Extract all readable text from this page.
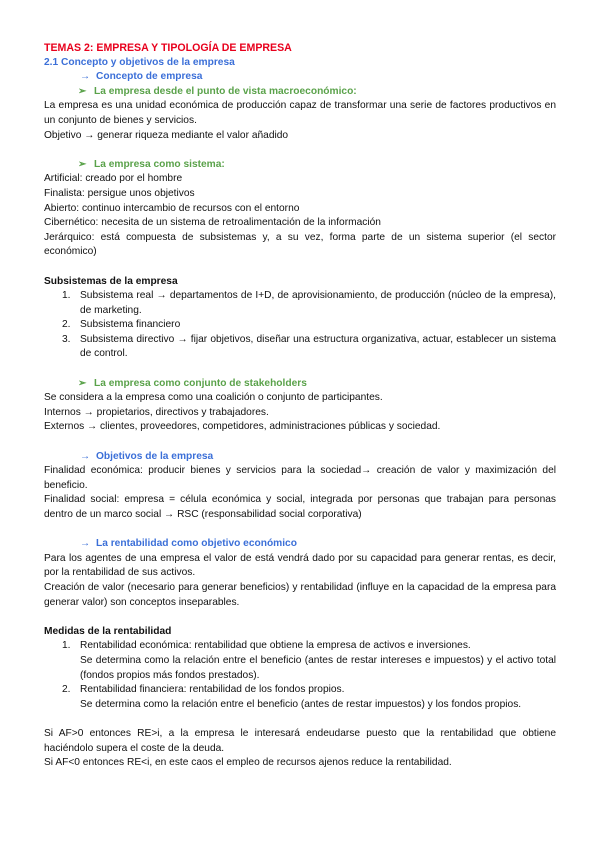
TEMAS 2: EMPRESA Y TIPOLOGÍA DE EMPRESA

2.1 Concepto y objetivos de la empresa

→ Concepto de empresa

➢ La empresa desde el punto de vista macroeconómico:

La empresa es una unidad económica de producción capaz de transformar una serie de factores productivos en un conjunto de bienes y servicios.

Objetivo → generar riqueza mediante el valor añadido

➢ La empresa como sistema:

Artificial: creado por el hombre

Finalista: persigue unos objetivos

Abierto: continuo intercambio de recursos con el entorno

Cibernético: necesita de un sistema de retroalimentación de la información

Jerárquico: está compuesta de subsistemas y, a su vez, forma parte de un sistema superior (el sector económico)

Subsistemas de la empresa

1. Subsistema real → departamentos de I+D, de aprovisionamiento, de producción (núcleo de la empresa), de marketing.
2. Subsistema financiero
3. Subsistema directivo → fijar objetivos, diseñar una estructura organizativa, actuar, establecer un sistema de control.

➢ La empresa como conjunto de stakeholders

Se considera a la empresa como una coalición o conjunto de participantes.

Internos → propietarios, directivos y trabajadores.

Externos → clientes, proveedores, competidores, administraciones públicas y sociedad.

→ Objetivos de la empresa

Finalidad económica: producir bienes y servicios para la sociedad→ creación de valor y maximización del beneficio.

Finalidad social: empresa = célula económica y social, integrada por personas que trabajan para personas dentro de un marco social → RSC (responsabilidad social corporativa)

→ La rentabilidad como objetivo económico

Para los agentes de una empresa el valor de está vendrá dado por su capacidad para generar rentas, es decir, por la rentabilidad de sus activos.

Creación de valor (necesario para generar beneficios) y rentabilidad (influye en la capacidad de la empresa para generar valor) son conceptos inseparables.

Medidas de la rentabilidad

1. Rentabilidad económica: rentabilidad que obtiene la empresa de activos e inversiones.

Se determina como la relación entre el beneficio (antes de restar intereses e impuestos) y el activo total (fondos propios más fondos prestados).

2. Rentabilidad financiera: rentabilidad de los fondos propios.

Se determina como la relación entre el beneficio (antes de restar impuestos) y los fondos propios.

Si AF>0 entonces RE>i, a la empresa le interesará endeudarse puesto que la rentabilidad que obtiene haciéndolo supera el coste de la deuda.

Si AF<0 entonces RE<i, en este caos el empleo de recursos ajenos reduce la rentabilidad.
